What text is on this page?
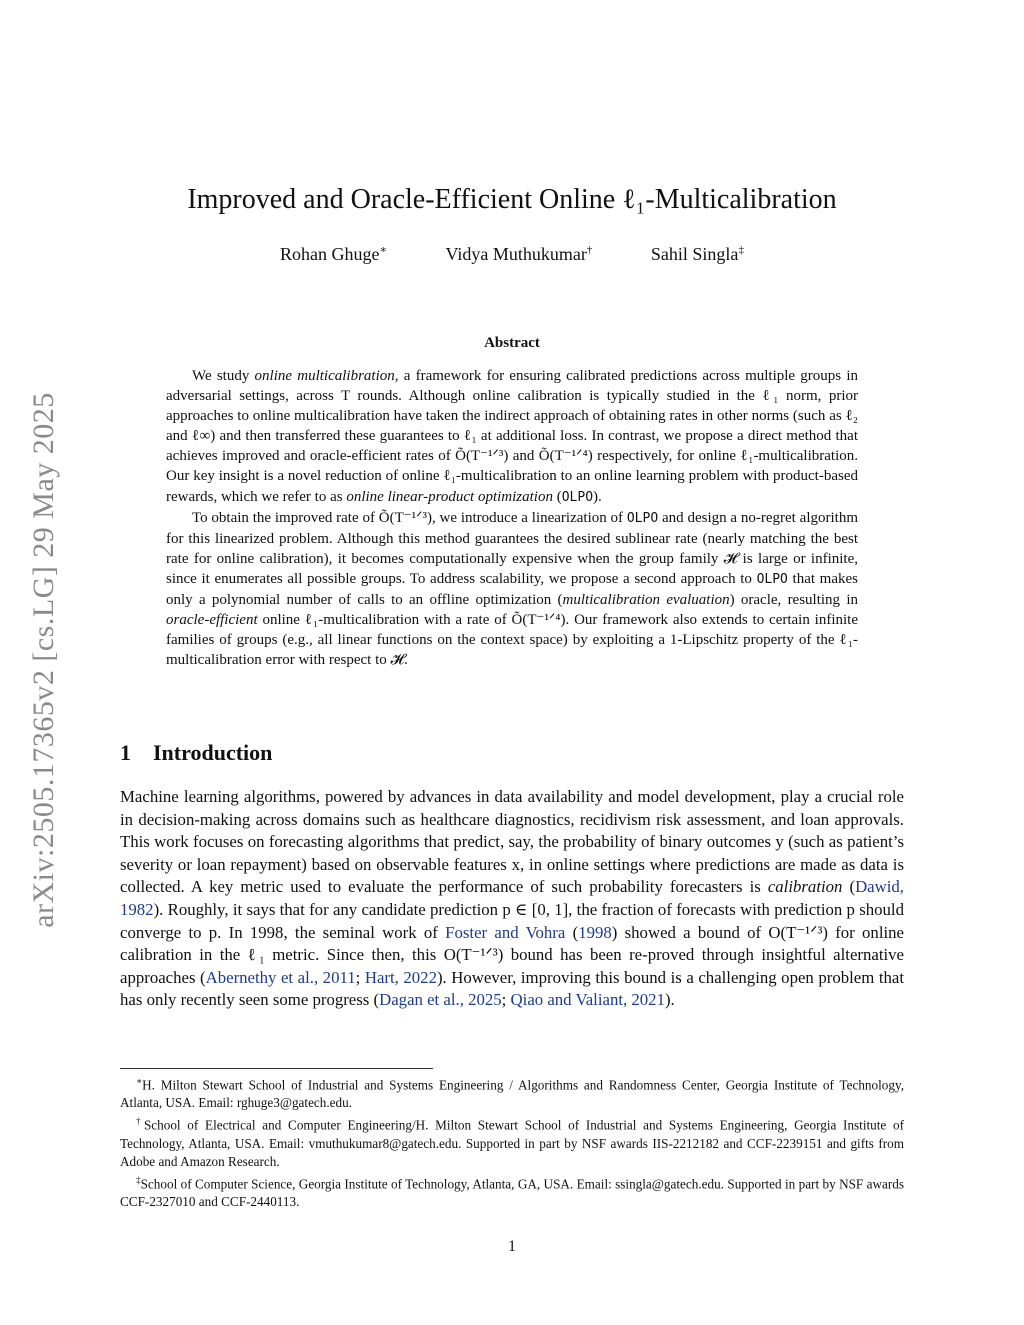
arXiv:2505.17365v2 [cs.LG] 29 May 2025
Improved and Oracle-Efficient Online ℓ₁-Multicalibration
Rohan Ghuge∗	Vidya Muthukumar†	Sahil Singla‡
Abstract

We study online multicalibration, a framework for ensuring calibrated predictions across multiple groups in adversarial settings, across T rounds. Although online calibration is typically studied in the ℓ₁ norm, prior approaches to online multicalibration have taken the indirect approach of obtaining rates in other norms (such as ℓ₂ and ℓ∞) and then transferred these guarantees to ℓ₁ at additional loss. In contrast, we propose a direct method that achieves improved and oracle-efficient rates of Õ(T⁻¹ᐟ³) and Õ(T⁻¹ᐟ⁴) respectively, for online ℓ₁-multicalibration. Our key insight is a novel reduction of online ℓ₁-multicalibration to an online learning problem with product-based rewards, which we refer to as online linear-product optimization (OLPO).

To obtain the improved rate of Õ(T⁻¹ᐟ³), we introduce a linearization of OLPO and design a no-regret algorithm for this linearized problem. Although this method guarantees the desired sublinear rate (nearly matching the best rate for online calibration), it becomes computationally expensive when the group family 𝓗 is large or infinite, since it enumerates all possible groups. To address scalability, we propose a second approach to OLPO that makes only a polynomial number of calls to an offline optimization (multicalibration evaluation) oracle, resulting in oracle-efficient online ℓ₁-multicalibration with a rate of Õ(T⁻¹ᐟ⁴). Our framework also extends to certain infinite families of groups (e.g., all linear functions on the context space) by exploiting a 1-Lipschitz property of the ℓ₁-multicalibration error with respect to 𝓗.

1 Introduction

Machine learning algorithms, powered by advances in data availability and model development, play a crucial role in decision-making across domains such as healthcare diagnostics, recidivism risk assessment, and loan approvals. This work focuses on forecasting algorithms that predict, say, the probability of binary outcomes y (such as patient’s severity or loan repayment) based on observable features x, in online settings where predictions are made as data is collected. A key metric used to evaluate the performance of such probability forecasters is calibration (Dawid, 1982). Roughly, it says that for any candidate prediction p ∈ [0, 1], the fraction of forecasts with prediction p should converge to p. In 1998, the seminal work of Foster and Vohra (1998) showed a bound of O(T⁻¹ᐟ³) for online calibration in the ℓ₁ metric. Since then, this O(T⁻¹ᐟ³) bound has been re-proved through insightful alternative approaches (Abernethy et al., 2011; Hart, 2022). However, improving this bound is a challenging open problem that has only recently seen some progress (Dagan et al., 2025; Qiao and Valiant, 2021).

∗H. Milton Stewart School of Industrial and Systems Engineering / Algorithms and Randomness Center, Georgia Institute of Technology, Atlanta, USA. Email: rghuge3@gatech.edu.

†School of Electrical and Computer Engineering/H. Milton Stewart School of Industrial and Systems Engineering, Georgia Institute of Technology, Atlanta, USA. Email: vmuthukumar8@gatech.edu. Supported in part by NSF awards IIS-2212182 and CCF-2239151 and gifts from Adobe and Amazon Research.

‡School of Computer Science, Georgia Institute of Technology, Atlanta, GA, USA. Email: ssingla@gatech.edu. Supported in part by NSF awards CCF-2327010 and CCF-2440113.

1
